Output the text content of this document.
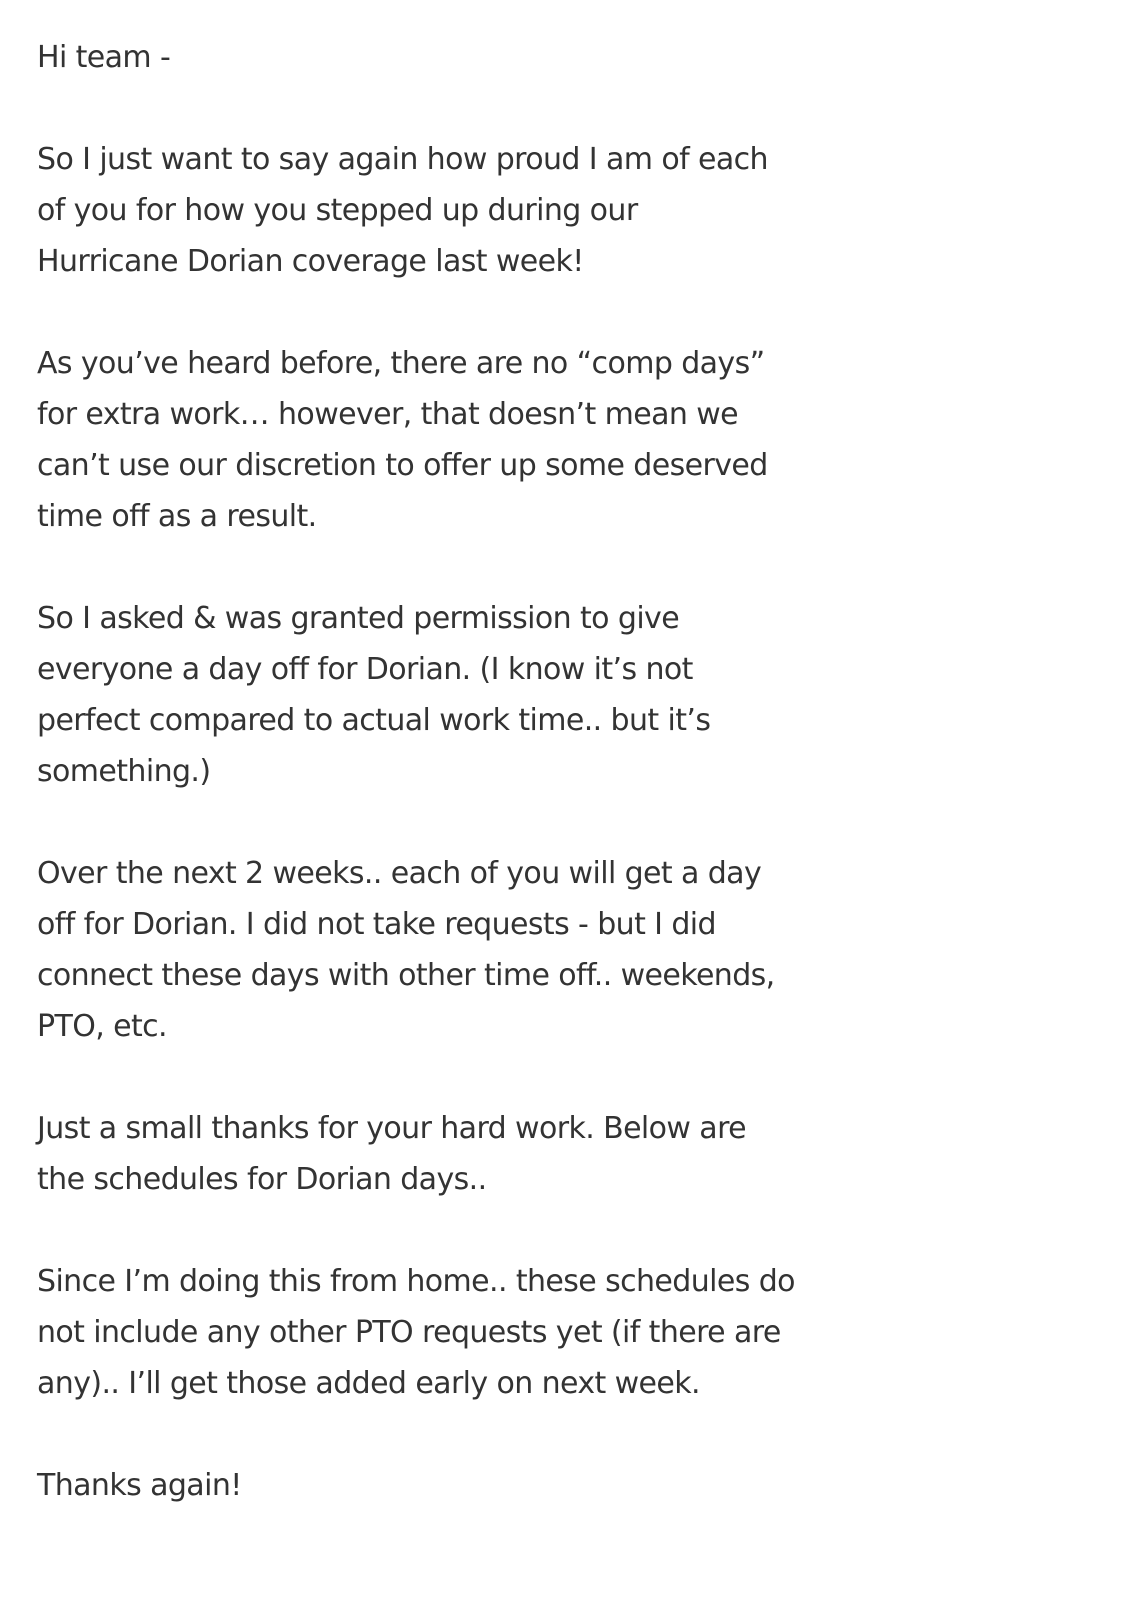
Hi team -
So I just want to say again how proud I am of each
of you for how you stepped up during our
Hurricane Dorian coverage last week!
As you’ve heard before, there are no “comp days”
for extra work… however, that doesn’t mean we
can’t use our discretion to offer up some deserved
time off as a result.
So I asked & was granted permission to give
everyone a day off for Dorian. (I know it’s not
perfect compared to actual work time.. but it’s
something.)
Over the next 2 weeks.. each of you will get a day
off for Dorian. I did not take requests - but I did
connect these days with other time off.. weekends,
PTO, etc.
Just a small thanks for your hard work. Below are
the schedules for Dorian days..
Since I’m doing this from home.. these schedules do
not include any other PTO requests yet (if there are
any).. I’ll get those added early on next week.
Thanks again!
